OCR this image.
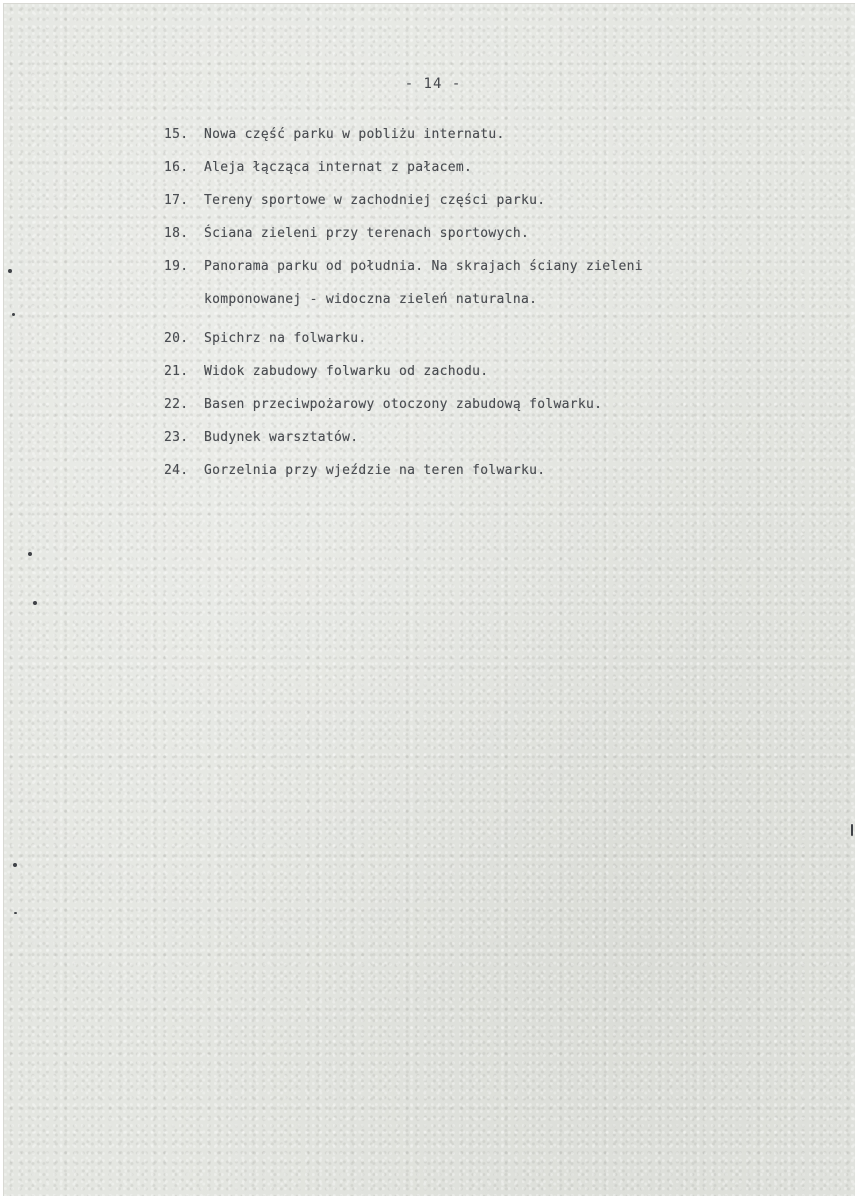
- 14 -
15.	Nowa część parku w pobliżu internatu.
16.	Aleja łącząca internat z pałacem.
17.	Tereny sportowe w zachodniej części parku.
18.	Ściana zieleni przy terenach sportowych.
19.	Panorama parku od południa. Na skrajach ściany zieleni komponowanej - widoczna zieleń naturalna.
20.	Spichrz na folwarku.
21.	Widok zabudowy folwarku od zachodu.
22.	Basen przeciwpożarowy otoczony zabudową folwarku.
23.	Budynek warsztatów.
24.	Gorzelnia przy wjeździe na teren folwarku.
